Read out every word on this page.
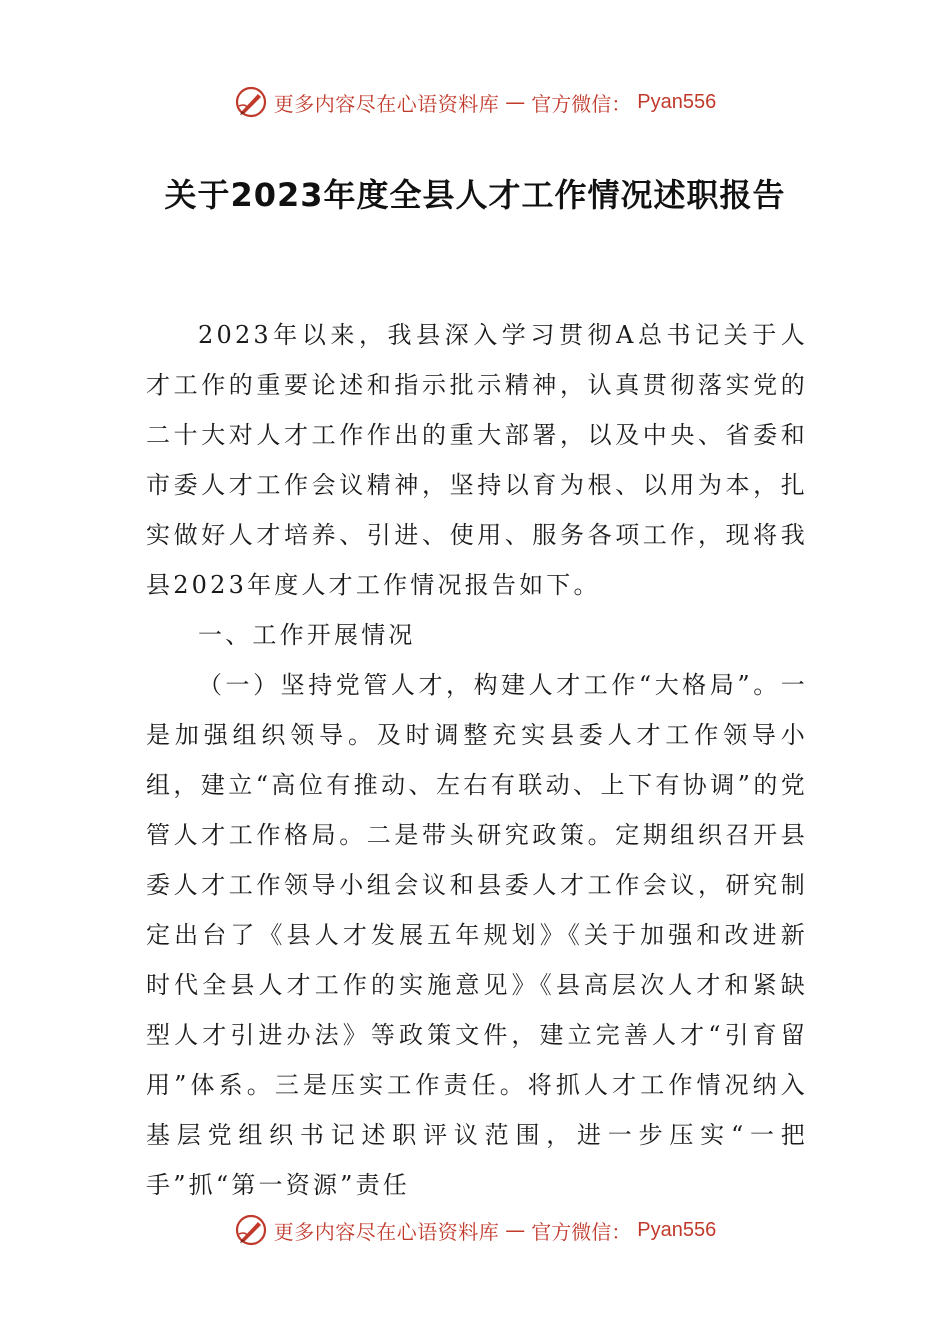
更多内容尽在心语资料库 — 官方微信： Pyan556
关于2023年度全县人才工作情况述职报告

2023年以来，我县深入学习贯彻A总书记关于人才工作的重要论述和指示批示精神，认真贯彻落实党的二十大对人才工作作出的重大部署，以及中央、省委和市委人才工作会议精神，坚持以育为根、以用为本，扎实做好人才培养、引进、使用、服务各项工作，现将我县2023年度人才工作情况报告如下。

一、工作开展情况

（一）坚持党管人才，构建人才工作“大格局”。一是加强组织领导。及时调整充实县委人才工作领导小组，建立“高位有推动、左右有联动、上下有协调”的党管人才工作格局。二是带头研究政策。定期组织召开县委人才工作领导小组会议和县委人才工作会议，研究制定出台了《县人才发展五年规划》《关于加强和改进新时代全县人才工作的实施意见》《县高层次人才和紧缺型人才引进办法》等政策文件，建立完善人才“引育留用”体系。三是压实工作责任。将抓人才工作情况纳入基层党组织书记述职评议范围，进一步压实“一把手”抓“第一资源”责任

更多内容尽在心语资料库 — 官方微信： Pyan556
